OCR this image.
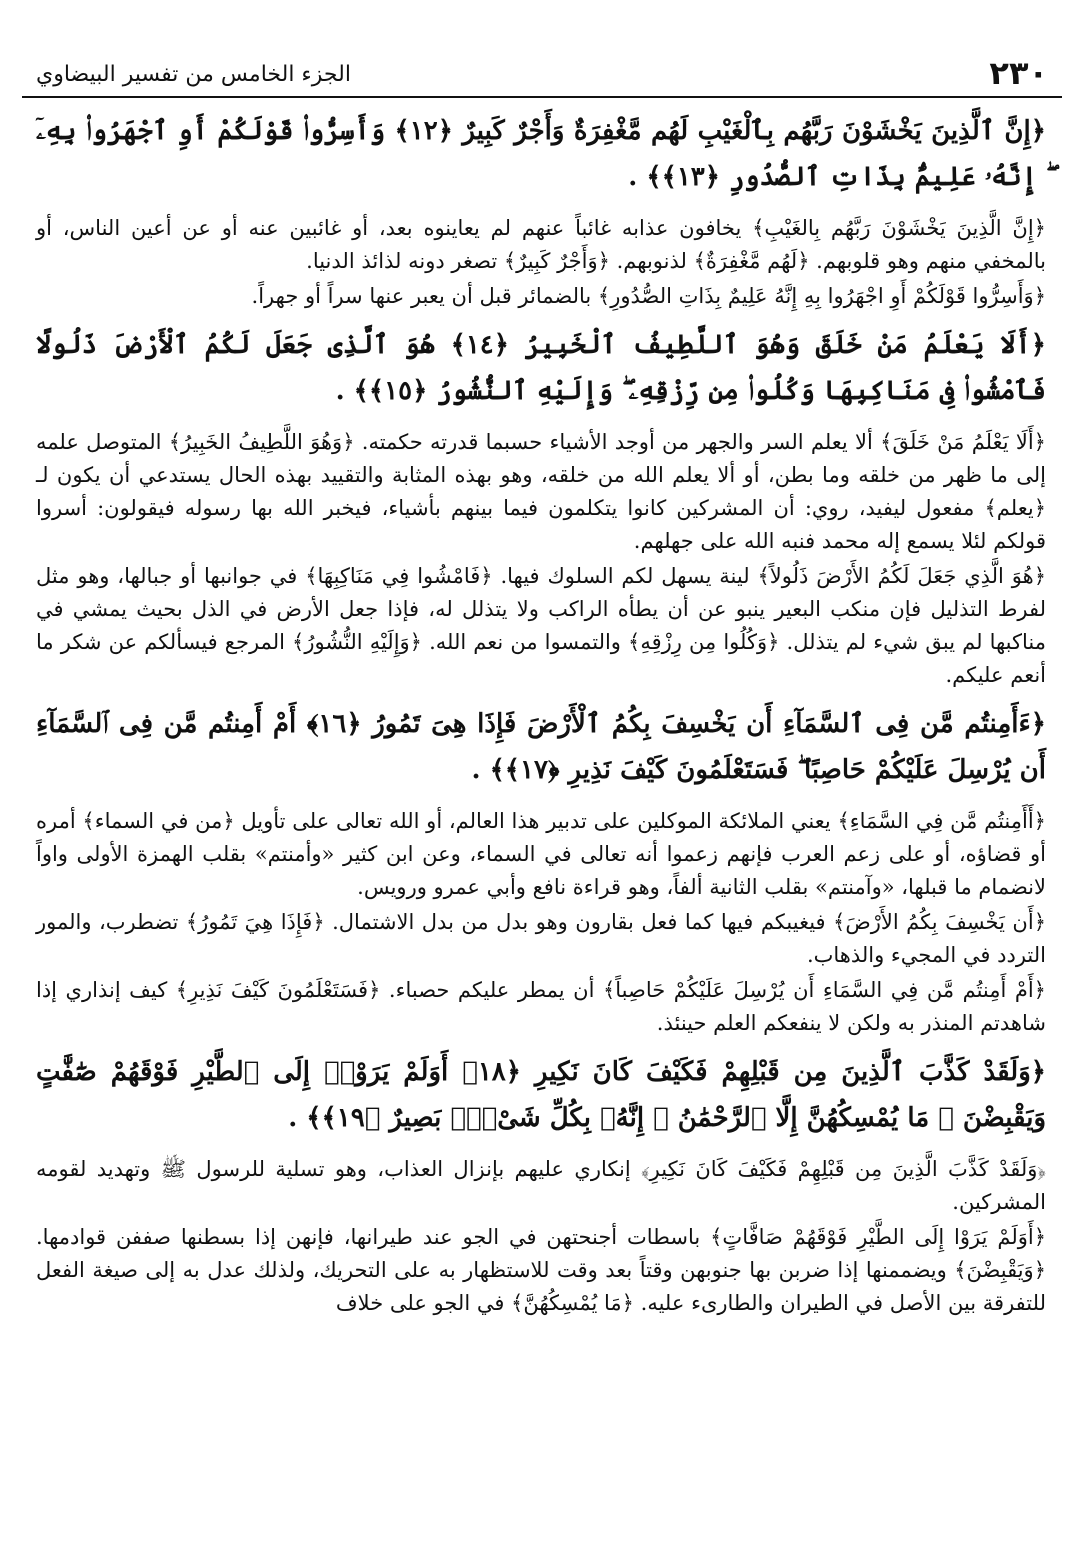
٢٣٠
الجزء الخامس من تفسير البيضاوي

﴿إِنَّ ٱلَّذِينَ يَخْشَوْنَ رَبَّهُم بِٱلْغَيْبِ لَهُم مَّغْفِرَةٌ وَأَجْرٌ كَبِيرٌ ﴿١٢﴾ وَأَسِرُّوا۟ قَوْلَكُمْ أَوِ ٱجْهَرُوا۟ بِهِۦٓ ۖ إِنَّهُۥ عَلِيمٌۢ بِذَاتِ ٱلصُّدُورِ ﴿١٣﴾﴾ .

﴿إِنَّ الَّذِينَ يَخْشَوْنَ رَبَّهُم بِالغَيْبِ﴾ يخافون عذابه غائباً عنهم لم يعاينوه بعد، أو غائبين عنه أو عن أعين الناس، أو بالمخفي منهم وهو قلوبهم. ﴿لَهُم مَّغْفِرَةٌ﴾ لذنوبهم. ﴿وَأَجْرٌ كَبِيرٌ﴾ تصغر دونه لذائذ الدنيا.

﴿وَأَسِرُّوا قَوْلَكُمْ أَوِ اجْهَرُوا بِهِ إِنَّهُ عَلِيمٌ بِذَاتِ الصُّدُورِ﴾ بالضمائر قبل أن يعبر عنها سراً أو جهراً.

﴿أَلَا يَعْلَمُ مَنْ خَلَقَ وَهُوَ ٱللَّطِيفُ ٱلْخَبِيرُ ﴿١٤﴾ هُوَ ٱلَّذِى جَعَلَ لَكُمُ ٱلْأَرْضَ ذَلُولًا فَٱمْشُوا۟ فِى مَنَاكِبِهَا وَكُلُوا۟ مِن رِّزْقِهِۦ ۖ وَإِلَيْهِ ٱلنُّشُورُ ﴿١٥﴾﴾ .

﴿أَلَا يَعْلَمُ مَنْ خَلَقَ﴾ ألا يعلم السر والجهر من أوجد الأشياء حسبما قدرته حكمته. ﴿وَهُوَ اللَّطِيفُ الخَبِيرُ﴾ المتوصل علمه إلى ما ظهر من خلقه وما بطن، أو ألا يعلم الله من خلقه، وهو بهذه المثابة والتقييد بهذه الحال يستدعي أن يكون لـ ﴿يعلم﴾ مفعول ليفيد، روي: أن المشركين كانوا يتكلمون فيما بينهم بأشياء، فيخبر الله بها رسوله فيقولون: أسروا قولكم لئلا يسمع إله محمد فنبه الله على جهلهم.

﴿هُوَ الَّذِي جَعَلَ لَكُمُ الأَرْضَ ذَلُولاً﴾ لينة يسهل لكم السلوك فيها. ﴿فَامْشُوا فِي مَنَاكِبِهَا﴾ في جوانبها أو جبالها، وهو مثل لفرط التذليل فإن منكب البعير ينبو عن أن يطأه الراكب ولا يتذلل له، فإذا جعل الأرض في الذل بحيث يمشي في مناكبها لم يبق شيء لم يتذلل. ﴿وَكُلُوا مِن رِزْقِهِ﴾ والتمسوا من نعم الله. ﴿وَإِلَيْهِ النُّشُورُ﴾ المرجع فيسألكم عن شكر ما أنعم عليكم.

﴿ءَأَمِنتُم مَّن فِى ٱلسَّمَآءِ أَن يَخْسِفَ بِكُمُ ٱلْأَرْضَ فَإِذَا هِىَ تَمُورُ ﴿١٦﴾ أَمْ أَمِنتُم مَّن فِى ٱلسَّمَآءِ أَن يُرْسِلَ عَلَيْكُمْ حَاصِبًا ۖ فَسَتَعْلَمُونَ كَيْفَ نَذِيرِ ﴿١٧﴾﴾ .

﴿أَأَمِنتُم مَّن فِي السَّمَاءِ﴾ يعني الملائكة الموكلين على تدبير هذا العالم، أو الله تعالى على تأويل ﴿من في السماء﴾ أمره أو قضاؤه، أو على زعم العرب فإنهم زعموا أنه تعالى في السماء، وعن ابن كثير «وأمنتم» بقلب الهمزة الأولى واواً لانضمام ما قبلها، «وآمنتم» بقلب الثانية ألفاً، وهو قراءة نافع وأبي عمرو ورويس.

﴿أَن يَخْسِفَ بِكُمُ الأَرْضَ﴾ فيغيبكم فيها كما فعل بقارون وهو بدل من بدل الاشتمال. ﴿فَإِذَا هِيَ تَمُورُ﴾ تضطرب، والمور التردد في المجيء والذهاب.

﴿أَمْ أَمِنتُم مَّن فِي السَّمَاءِ أَن يُرْسِلَ عَلَيْكُمْ حَاصِباً﴾ أن يمطر عليكم حصباء. ﴿فَسَتَعْلَمُونَ كَيْفَ نَذِيرِ﴾ كيف إنذاري إذا شاهدتم المنذر به ولكن لا ينفعكم العلم حينئذ.

﴿وَلَقَدْ كَذَّبَ ٱلَّذِينَ مِن قَبْلِهِمْ فَكَيْفَ كَانَ نَكِيرِ ﴿١٨﴾ أَوَلَمْ يَرَوْا۟ إِلَى ٱلطَّيْرِ فَوْقَهُمْ صَٰٓفَّٰتٍ وَيَقْبِضْنَ ۚ مَا يُمْسِكُهُنَّ إِلَّا ٱلرَّحْمَٰنُ ۚ إِنَّهُۥ بِكُلِّ شَىْءٍۭ بَصِيرٌ ﴿١٩﴾﴾ .

﴿وَلَقَدْ كَذَّبَ الَّذِينَ مِن قَبْلِهِمْ فَكَيْفَ كَانَ نَكِيرِ﴾ إنكاري عليهم بإنزال العذاب، وهو تسلية للرسول ﷺ وتهديد لقومه المشركين.

﴿أَوَلَمْ يَرَوْا إِلَى الطَّيْرِ فَوْقَهُمْ صَافَّاتٍ﴾ باسطات أجنحتهن في الجو عند طيرانها، فإنهن إذا بسطنها صففن قوادمها. ﴿وَيَقْبِضْنَ﴾ ويضممنها إذا ضربن بها جنوبهن وقتاً بعد وقت للاستظهار به على التحريك، ولذلك عدل به إلى صيغة الفعل للتفرقة بين الأصل في الطيران والطارىء عليه. ﴿مَا يُمْسِكُهُنَّ﴾ في الجو على خلاف
